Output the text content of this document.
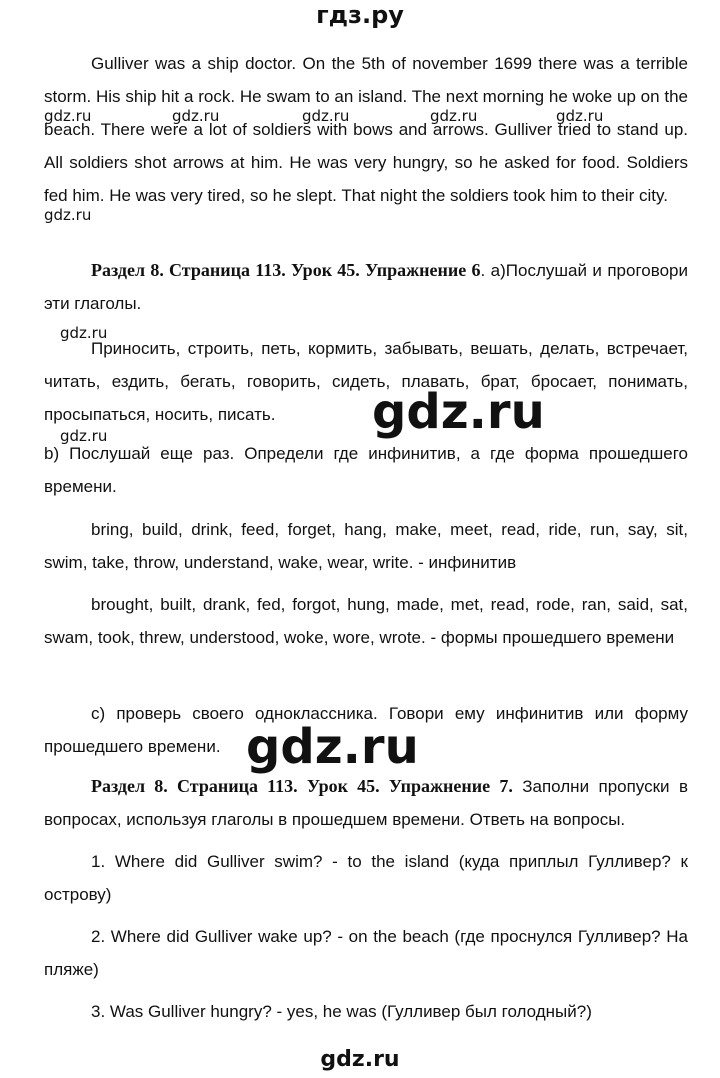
гдз.ру
Gulliver was a ship doctor. On the 5th of november 1699 there was a terrible storm. His ship hit a rock. He swam to an island. The next morning he woke up on the beach. There were a lot of soldiers with bows and arrows. Gulliver tried to stand up. All soldiers shot arrows at him. He was very hungry, so he asked for food. Soldiers fed him. He was very tired, so he slept. That night the soldiers took him to their city.
Раздел 8. Страница 113. Урок 45. Упражнение 6. a)Послушай и проговори эти глаголы.
Приносить, строить, петь, кормить, забывать, вешать, делать, встречает, читать, ездить, бегать, говорить, сидеть, плавать, брат, бросает, понимать, просыпаться, носить, писать.
b) Послушай еще раз. Определи где инфинитив, а где форма прошедшего времени.
bring, build, drink, feed, forget, hang, make, meet, read, ride, run, say, sit, swim, take, throw, understand, wake, wear, write. - инфинитив
brought, built, drank, fed, forgot, hung, made, met, read, rode, ran, said, sat, swam, took, threw, understood, woke, wore, wrote. - формы прошедшего времени
c) проверь своего одноклассника. Говори ему инфинитив или форму прошедшего времени.
Раздел 8. Страница 113. Урок 45. Упражнение 7. Заполни пропуски в вопросах, используя глаголы в прошедшем времени. Ответь на вопросы.
1. Where did Gulliver swim? - to the island (куда приплыл Гулливер? к острову)
2. Where did Gulliver wake up? - on the beach (где проснулся Гулливер? На пляже)
3. Was Gulliver hungry? - yes, he was (Гулливер был голодный?)
gdz.ru	gdz.ru	gdz.ru	gdz.ru	gdz.ru
gdz.ru
gdz.ru
gdz.ru	gdz.ru
gdz.ru
gdz.ru
